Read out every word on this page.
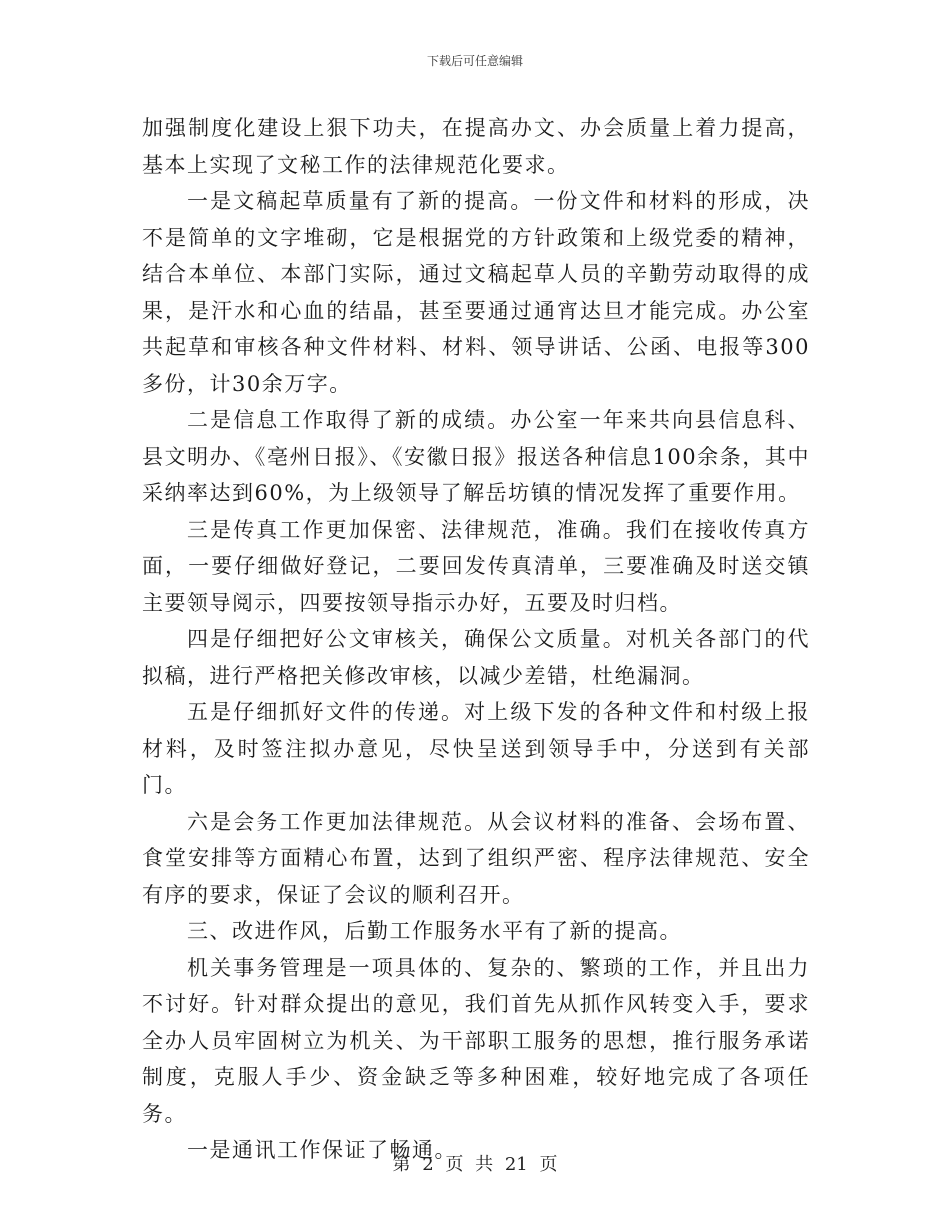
下载后可任意编辑

加强制度化建设上狠下功夫，在提高办文、办会质量上着力提高，基本上实现了文秘工作的法律规范化要求。

一是文稿起草质量有了新的提高。一份文件和材料的形成，决不是简单的文字堆砌，它是根据党的方针政策和上级党委的精神，结合本单位、本部门实际，通过文稿起草人员的辛勤劳动取得的成果，是汗水和心血的结晶，甚至要通过通宵达旦才能完成。办公室共起草和审核各种文件材料、材料、领导讲话、公函、电报等300多份，计30余万字。

二是信息工作取得了新的成绩。办公室一年来共向县信息科、县文明办、《亳州日报》、《安徽日报》报送各种信息100余条，其中采纳率达到60%，为上级领导了解岳坊镇的情况发挥了重要作用。

三是传真工作更加保密、法律规范，准确。我们在接收传真方面，一要仔细做好登记，二要回发传真清单，三要准确及时送交镇主要领导阅示，四要按领导指示办好，五要及时归档。

四是仔细把好公文审核关，确保公文质量。对机关各部门的代拟稿，进行严格把关修改审核，以减少差错，杜绝漏洞。

五是仔细抓好文件的传递。对上级下发的各种文件和村级上报材料，及时签注拟办意见，尽快呈送到领导手中，分送到有关部门。

六是会务工作更加法律规范。从会议材料的准备、会场布置、食堂安排等方面精心布置，达到了组织严密、程序法律规范、安全有序的要求，保证了会议的顺利召开。

三、改进作风，后勤工作服务水平有了新的提高。

机关事务管理是一项具体的、复杂的、繁琐的工作，并且出力不讨好。针对群众提出的意见，我们首先从抓作风转变入手，要求全办人员牢固树立为机关、为干部职工服务的思想，推行服务承诺制度，克服人手少、资金缺乏等多种困难，较好地完成了各项任务。

一是通讯工作保证了畅通。

第 2 页 共 21 页
